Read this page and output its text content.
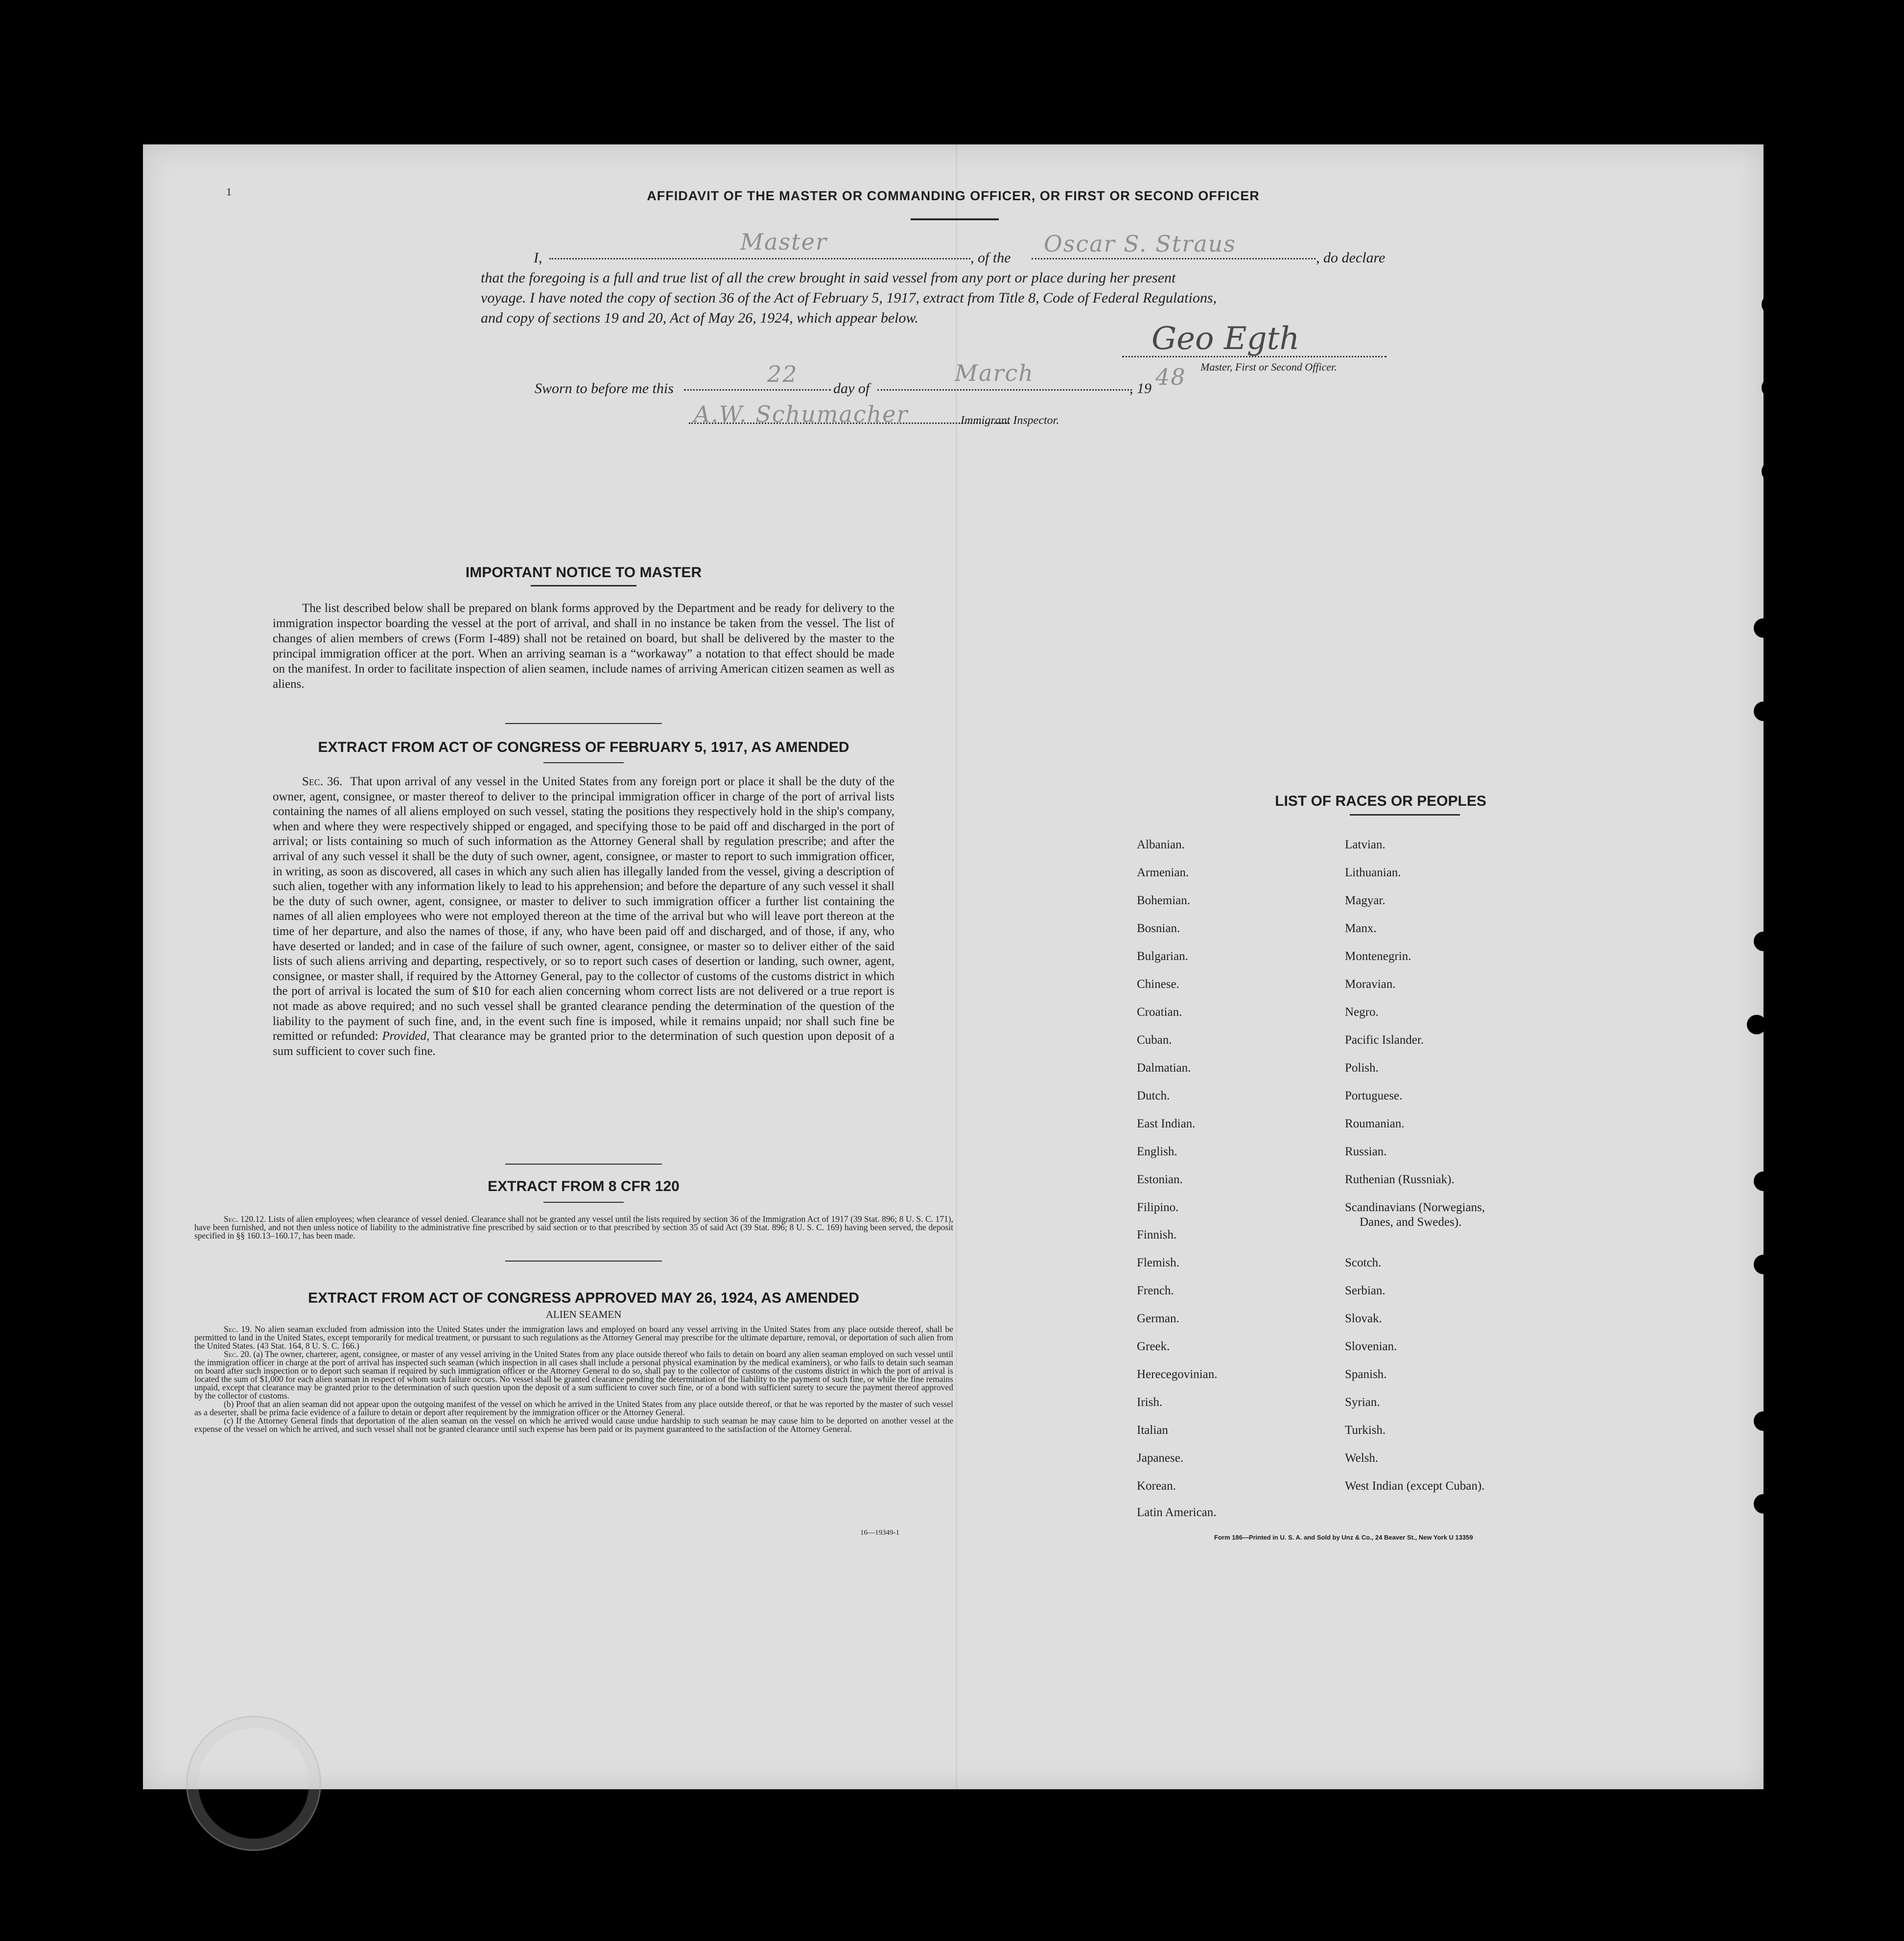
1	AFFIDAVIT OF THE MASTER OR COMMANDING OFFICER, OR FIRST OR SECOND OFFICER
I,
Master
, of the
Oscar S. Straus
, do declare
that the foregoing is a full and true list of all the crew brought in said vessel from any port or place during her present
voyage. I have noted the copy of section 36 of the Act of February 5, 1917, extract from Title 8, Code of Federal Regulations,
and copy of sections 19 and 20, Act of May 26, 1924, which appear below.
Geo Egth
Master, First or Second Officer.
Sworn to before me this
22
day of
March
, 19 48
A.W. Schumacher	Immigrant Inspector.
IMPORTANT NOTICE TO MASTER
The list described below shall be prepared on blank forms approved by the Department and be ready for delivery to the immigration inspector boarding the vessel at the port of arrival, and shall in no instance be taken from the vessel. The list of changes of alien members of crews (Form I-489) shall not be retained on board, but shall be delivered by the master to the principal immigration officer at the port. When an arriving seaman is a “workaway” a notation to that effect should be made on the manifest. In order to facilitate inspection of alien seamen, include names of arriving American citizen seamen as well as aliens.
EXTRACT FROM ACT OF CONGRESS OF FEBRUARY 5, 1917, AS AMENDED
Sec. 36. That upon arrival of any vessel in the United States from any foreign port or place it shall be the duty of the owner, agent, consignee, or master thereof to deliver to the principal immigration officer in charge of the port of arrival lists containing the names of all aliens employed on such vessel, stating the positions they respectively hold in the ship's company, when and where they were respectively shipped or engaged, and specifying those to be paid off and discharged in the port of arrival; or lists containing so much of such information as the Attorney General shall by regulation prescribe; and after the arrival of any such vessel it shall be the duty of such owner, agent, consignee, or master to report to such immigration officer, in writing, as soon as discovered, all cases in which any such alien has illegally landed from the vessel, giving a description of such alien, together with any information likely to lead to his apprehension; and before the departure of any such vessel it shall be the duty of such owner, agent, consignee, or master to deliver to such immigration officer a further list containing the names of all alien employees who were not employed thereon at the time of the arrival but who will leave port thereon at the time of her departure, and also the names of those, if any, who have been paid off and discharged, and of those, if any, who have deserted or landed; and in case of the failure of such owner, agent, consignee, or master so to deliver either of the said lists of such aliens arriving and departing, respectively, or so to report such cases of desertion or landing, such owner, agent, consignee, or master shall, if required by the Attorney General, pay to the collector of customs of the customs district in which the port of arrival is located the sum of $10 for each alien concerning whom correct lists are not delivered or a true report is not made as above required; and no such vessel shall be granted clearance pending the determination of the question of the liability to the payment of such fine, and, in the event such fine is imposed, while it remains unpaid; nor shall such fine be remitted or refunded: Provided, That clearance may be granted prior to the determination of such question upon deposit of a sum sufficient to cover such fine.
EXTRACT FROM 8 CFR 120
Sec. 120.12. Lists of alien employees; when clearance of vessel denied. Clearance shall not be granted any vessel until the lists required by section 36 of the Immigration Act of 1917 (39 Stat. 896; 8 U. S. C. 171), have been furnished, and not then unless notice of liability to the administrative fine prescribed by said section or to that prescribed by section 35 of said Act (39 Stat. 896; 8 U. S. C. 169) having been served, the deposit specified in §§ 160.13–160.17, has been made.
EXTRACT FROM ACT OF CONGRESS APPROVED MAY 26, 1924, AS AMENDED
ALIEN SEAMEN
Sec. 19. No alien seaman excluded from admission into the United States under the immigration laws and employed on board any vessel arriving in the United States from any place outside thereof, shall be permitted to land in the United States, except temporarily for medical treatment, or pursuant to such regulations as the Attorney General may prescribe for the ultimate departure, removal, or deportation of such alien from the United States. (43 Stat. 164, 8 U. S. C. 166.)
Sec. 20. (a) The owner, charterer, agent, consignee, or master of any vessel arriving in the United States from any place outside thereof who fails to detain on board any alien seaman employed on such vessel until the immigration officer in charge at the port of arrival has inspected such seaman (which inspection in all cases shall include a personal physical examination by the medical examiners), or who fails to detain such seaman on board after such inspection or to deport such seaman if required by such immigration officer or the Attorney General to do so, shall pay to the collector of customs of the customs district in which the port of arrival is located the sum of $1,000 for each alien seaman in respect of whom such failure occurs. No vessel shall be granted clearance pending the determination of the liability to the payment of such fine, or while the fine remains unpaid, except that clearance may be granted prior to the determination of such question upon the deposit of a sum sufficient to cover such fine, or of a bond with sufficient surety to secure the payment thereof approved by the collector of customs.
(b) Proof that an alien seaman did not appear upon the outgoing manifest of the vessel on which he arrived in the United States from any place outside thereof, or that he was reported by the master of such vessel as a deserter, shall be prima facie evidence of a failure to detain or deport after requirement by the immigration officer or the Attorney General.
(c) If the Attorney General finds that deportation of the alien seaman on the vessel on which he arrived would cause undue hardship to such seaman he may cause him to be deported on another vessel at the expense of the vessel on which he arrived, and such vessel shall not be granted clearance until such expense has been paid or its payment guaranteed to the satisfaction of the Attorney General.
16—19349-1
LIST OF RACES OR PEOPLES
Albanian.
Armenian.
Bohemian.
Bosnian.
Bulgarian.
Chinese.
Croatian.
Cuban.
Dalmatian.
Dutch.
East Indian.
English.
Estonian.
Filipino.
Finnish.
Flemish.
French.
German.
Greek.
Herecegovinian.
Irish.
Italian
Japanese.
Korean.
Latin American.
Latvian.
Lithuanian.
Magyar.
Manx.
Montenegrin.
Moravian.
Negro.
Pacific Islander.
Polish.
Portuguese.
Roumanian.
Russian.
Ruthenian (Russniak).
Scandinavians (Norwegians,
Danes, and Swedes).
Scotch.
Serbian.
Slovak.
Slovenian.
Spanish.
Syrian.
Turkish.
Welsh.
West Indian (except Cuban).
Form 186—Printed in U. S. A. and Sold by Unz & Co., 24 Beaver St., New York U 13359
